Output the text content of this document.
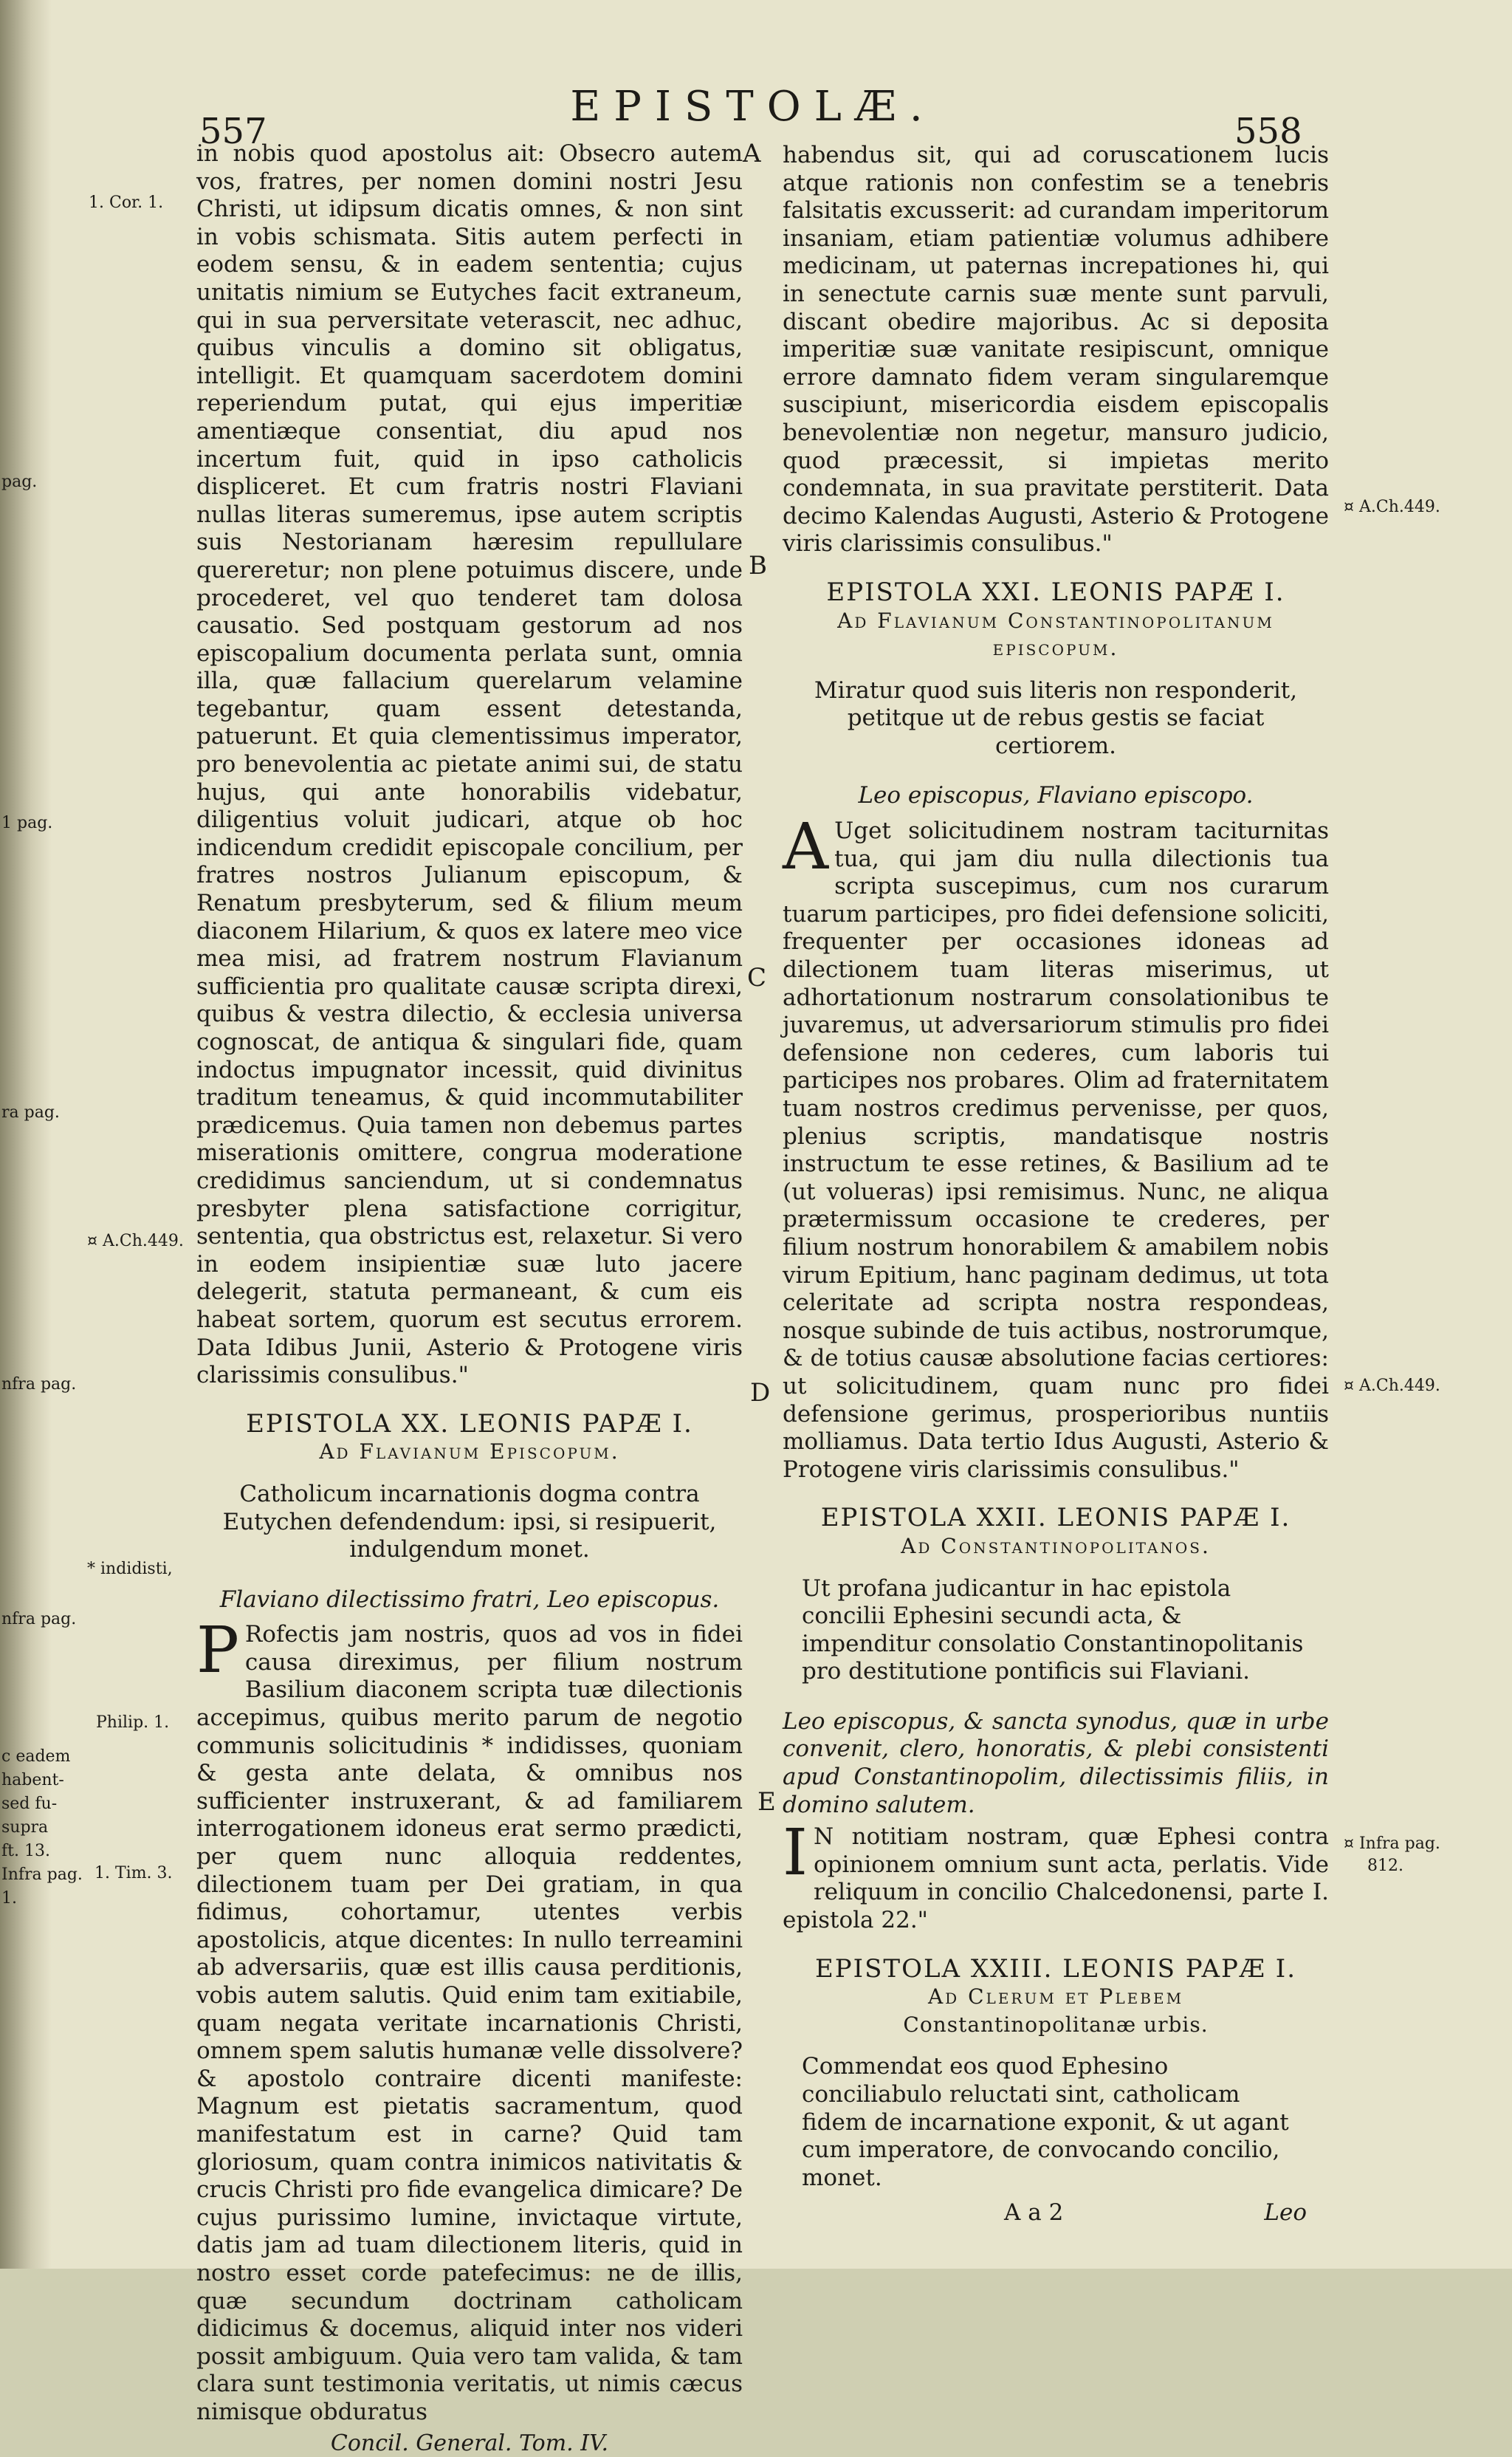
557
EPISTOLÆ.
558
1. Cor. 1.
pag.
1 pag.
ra pag.
¤ A.Ch.449.
nfra pag.
* indidisti,
nfra pag.
Philip. 1.
c eadem
habent-
sed fu-
supra
ft. 13.
Infra pag.
1.
1. Tim. 3.
A
B
C
D
E
¤ A.Ch.449.
¤ A.Ch.449.
¤ Infra pag.
812.

in nobis quod apostolus ait: Obsecro autem vos, fratres, per nomen domini nostri Jesu Christi, ut idipsum dicatis omnes, & non sint in vobis schismata. Sitis autem perfecti in eodem sensu, & in eadem sententia; cujus unitatis nimium se Eutyches facit extraneum, qui in sua perversitate veterascit, nec adhuc, quibus vinculis a domino sit obligatus, intelligit. Et quamquam sacerdotem domini reperiendum putat, qui ejus imperitiæ amentiæque consentiat, diu apud nos incertum fuit, quid in ipso catholicis displiceret. Et cum fratris nostri Flaviani nullas literas sumeremus, ipse autem scriptis suis Nestorianam hæresim repullulare quereretur; non plene potuimus discere, unde procederet, vel quo tenderet tam dolosa causatio. Sed postquam gestorum ad nos episcopalium documenta perlata sunt, omnia illa, quæ fallacium querelarum velamine tegebantur, quam essent detestanda, patuerunt. Et quia clementissimus imperator, pro benevolentia ac pietate animi sui, de statu hujus, qui ante honorabilis videbatur, diligentius voluit judicari, atque ob hoc indicendum credidit episcopale concilium, per fratres nostros Julianum episcopum, & Renatum presbyterum, sed & filium meum diaconem Hilarium, & quos ex latere meo vice mea misi, ad fratrem nostrum Flavianum sufficientia pro qualitate causæ scripta direxi, quibus & vestra dilectio, & ecclesia universa cognoscat, de antiqua & singulari fide, quam indoctus impugnator incessit, quid divinitus traditum teneamus, & quid incommutabiliter prædicemus. Quia tamen non debemus partes miserationis omittere, congrua moderatione credidimus sanciendum, ut si condemnatus presbyter plena satisfactione corrigitur, sententia, qua obstrictus est, relaxetur. Si vero in eodem insipientiæ suæ luto jacere delegerit, statuta permaneant, & cum eis habeat sortem, quorum est secutus errorem. Data Idibus Junii, Asterio & Protogene viris clarissimis consulibus."

EPISTOLA XX. LEONIS PAPÆ I.
Ad Flavianum Episcopum.
Catholicum incarnationis dogma contra Eutychen defendendum: ipsi, si resipuerit, indulgendum monet.
Flaviano dilectissimo fratri, Leo episcopus.

P Rofectis jam nostris, quos ad vos in fidei causa direximus, per filium nostrum Basilium diaconem scripta tuæ dilectionis accepimus, quibus merito parum de negotio communis solicitudinis * indidisses, quoniam & gesta ante delata, & omnibus nos sufficienter instruxerant, & ad familiarem interrogationem idoneus erat sermo prædicti, per quem nunc alloquia reddentes, dilectionem tuam per Dei gratiam, in qua fidimus, cohortamur, utentes verbis apostolicis, atque dicentes: In nullo terreamini ab adversariis, quæ est illis causa perditionis, vobis autem salutis. Quid enim tam exitiabile, quam negata veritate incarnationis Christi, omnem spem salutis humanæ velle dissolvere? & apostolo contraire dicenti manifeste: Magnum est pietatis sacramentum, quod manifestatum est in carne? Quid tam gloriosum, quam contra inimicos nativitatis & crucis Christi pro fide evangelica dimicare? De cujus purissimo lumine, invictaque virtute, datis jam ad tuam dilectionem literis, quid in nostro esset corde patefecimus: ne de illis, quæ secundum doctrinam catholicam didicimus & docemus, aliquid inter nos videri possit ambiguum. Quia vero tam valida, & tam clara sunt testimonia veritatis, ut nimis cæcus nimisque obduratus

Concil. General. Tom. IV.

habendus sit, qui ad coruscationem lucis atque rationis non confestim se a tenebris falsitatis excusserit: ad curandam imperitorum insaniam, etiam patientiæ volumus adhibere medicinam, ut paternas increpationes hi, qui in senectute carnis suæ mente sunt parvuli, discant obedire majoribus. Ac si deposita imperitiæ suæ vanitate resipiscunt, omnique errore damnato fidem veram singularemque suscipiunt, misericordia eisdem episcopalis benevolentiæ non negetur, mansuro judicio, quod præcessit, si impietas merito condemnata, in sua pravitate perstiterit. Data decimo Kalendas Augusti, Asterio & Protogene viris clarissimis consulibus."

EPISTOLA XXI. LEONIS PAPÆ I.
Ad Flavianum Constantinopolitanum episcopum.
Miratur quod suis literis non responderit, petitque ut de rebus gestis se faciat certiorem.
Leo episcopus, Flaviano episcopo.

A Uget solicitudinem nostram taciturnitas tua, qui jam diu nulla dilectionis tua scripta suscepimus, cum nos curarum tuarum participes, pro fidei defensione soliciti, frequenter per occasiones idoneas ad dilectionem tuam literas miserimus, ut adhortationum nostrarum consolationibus te juvaremus, ut adversariorum stimulis pro fidei defensione non cederes, cum laboris tui participes nos probares. Olim ad fraternitatem tuam nostros credimus pervenisse, per quos, plenius scriptis, mandatisque nostris instructum te esse retines, & Basilium ad te (ut volueras) ipsi remisimus. Nunc, ne aliqua prætermissum occasione te crederes, per filium nostrum honorabilem & amabilem nobis virum Epitium, hanc paginam dedimus, ut tota celeritate ad scripta nostra respondeas, nosque subinde de tuis actibus, nostrorumque, & de totius causæ absolutione facias certiores: ut solicitudinem, quam nunc pro fidei defensione gerimus, prosperioribus nuntiis molliamus. Data tertio Idus Augusti, Asterio & Protogene viris clarissimis consulibus."

EPISTOLA XXII. LEONIS PAPÆ I.
Ad Constantinopolitanos.
Ut profana judicantur in hac epistola concilii Ephesini secundi acta, & impenditur consolatio Constantinopolitanis pro destitutione pontificis sui Flaviani.
Leo episcopus, & sancta synodus, quæ in urbe convenit, clero, honoratis, & plebi consistenti apud Constantinopolim, dilectissimis filiis, in domino salutem.

I N notitiam nostram, quæ Ephesi contra opinionem omnium sunt acta, perlatis. Vide reliquum in concilio Chalcedonensi, parte I. epistola 22."

EPISTOLA XXIII. LEONIS PAPÆ I.
Ad Clerum et Plebem
Constantinopolitanæ urbis.
Commendat eos quod Ephesino conciliabulo reluctati sint, catholicam fidem de incarnatione exponit, & ut agant cum imperatore, de convocando concilio, monet.
A a 2	Leo
